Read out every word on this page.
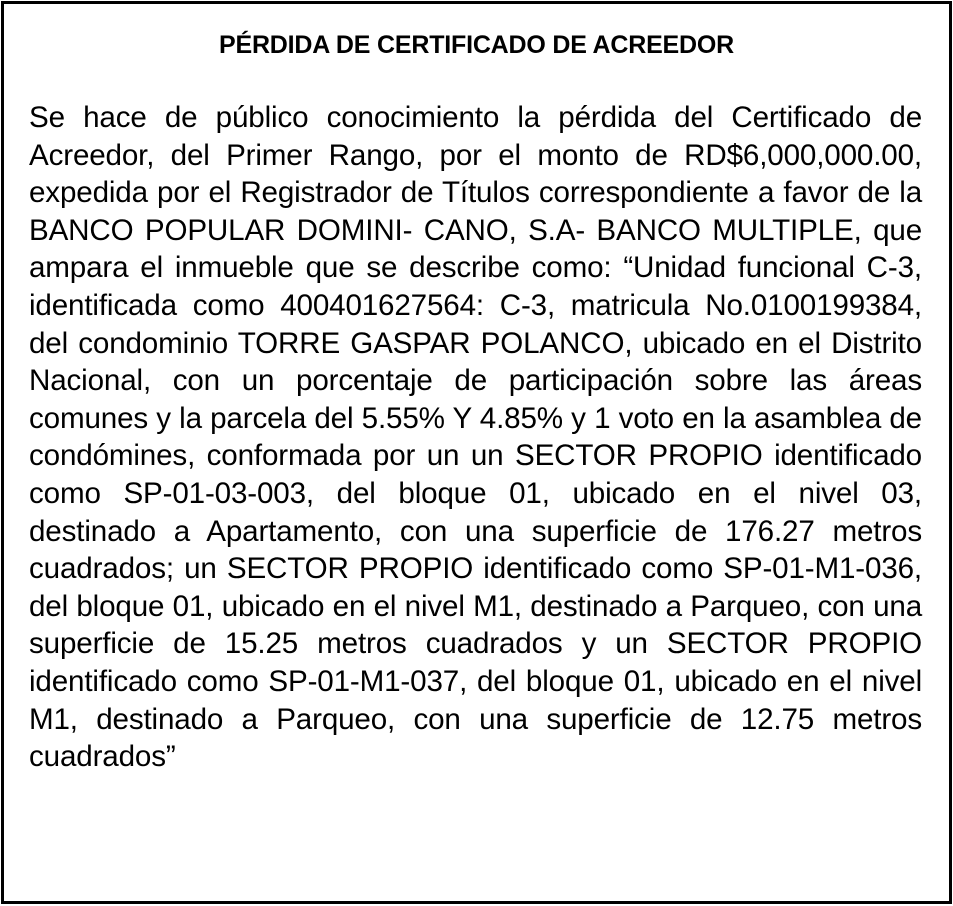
PÉRDIDA DE CERTIFICADO DE ACREEDOR

Se hace de público conocimiento la pérdida del Certificado de Acreedor, del Primer Rango, por el monto de RD$6,000,000.00, expedida por el Registrador de Títulos correspondiente a favor de la BANCO POPULAR DOMINI- CANO, S.A- BANCO MULTIPLE, que ampara el inmueble que se describe como: “Unidad funcional C-3, identificada como 400401627564: C-3, matricula No.0100199384, del condominio TORRE GASPAR POLANCO, ubicado en el Distrito Nacional, con un porcentaje de participación sobre las áreas comunes y la parcela del 5.55% Y 4.85% y 1 voto en la asamblea de condómines, conformada por un un SECTOR PROPIO identificado como SP-01-03-003, del bloque 01, ubicado en el nivel 03, destinado a Apartamento, con una superficie de 176.27 metros cuadrados; un SECTOR PROPIO identificado como SP-01-M1-036, del bloque 01, ubicado en el nivel M1, destinado a Parqueo, con una superficie de 15.25 metros cuadrados y un SECTOR PROPIO identificado como SP-01-M1-037, del bloque 01, ubicado en el nivel M1, destinado a Parqueo, con una superficie de 12.75 metros cuadrados”
